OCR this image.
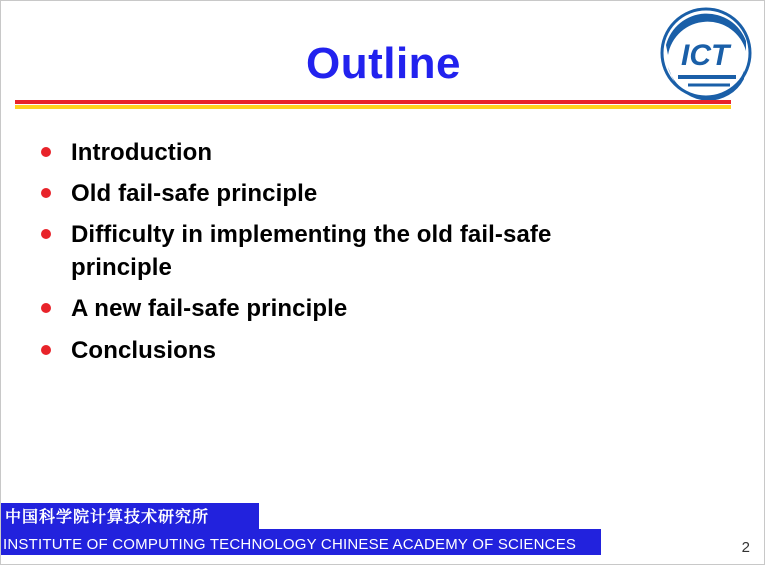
ICT
Outline
Introduction
Old fail-safe principle
Difficulty in implementing the old fail-safe principle
A new fail-safe principle
Conclusions
中国科学院计算技术研究所
INSTITUTE OF COMPUTING TECHNOLOGY CHINESE ACADEMY OF SCIENCES	2
